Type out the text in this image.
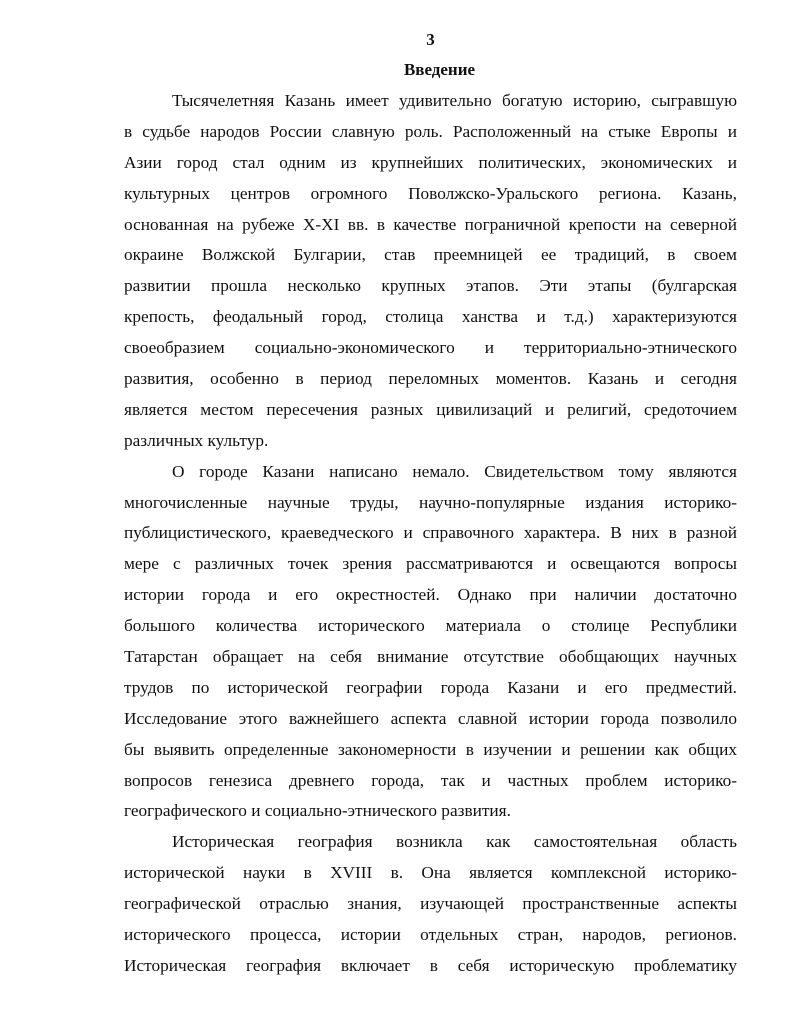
3

Введение

Тысячелетняя Казань имеет удивительно богатую историю, сыгравшую
в судьбе народов России славную роль. Расположенный на стыке Европы и
Азии город стал одним из крупнейших политических, экономических и
культурных центров огромного Поволжско-Уральского региона. Казань,
основанная на рубеже X-XI вв. в качестве пограничной крепости на северной
окраине Волжской Булгарии, став преемницей ее традиций, в своем
развитии прошла несколько крупных этапов. Эти этапы (булгарская
крепость, феодальный город, столица ханства и т.д.) характеризуются
своеобразием социально-экономического и территориально-этнического
развития, особенно в период переломных моментов. Казань и сегодня
является местом пересечения разных цивилизаций и религий, средоточием
различных культур.
О городе Казани написано немало. Свидетельством тому являются
многочисленные научные труды, научно-популярные издания историко-
публицистического, краеведческого и справочного характера. В них в разной
мере с различных точек зрения рассматриваются и освещаются вопросы
истории города и его окрестностей. Однако при наличии достаточно
большого количества исторического материала о столице Республики
Татарстан обращает на себя внимание отсутствие обобщающих научных
трудов по исторической географии города Казани и его предместий.
Исследование этого важнейшего аспекта славной истории города позволило
бы выявить определенные закономерности в изучении и решении как общих
вопросов генезиса древнего города, так и частных проблем историко-
географического и социально-этнического развития.
Историческая география возникла как самостоятельная область
исторической науки в XVIII в. Она является комплексной историко-
географической отраслью знания, изучающей пространственные аспекты
исторического процесса, истории отдельных стран, народов, регионов.
Историческая география включает в себя историческую проблематику
